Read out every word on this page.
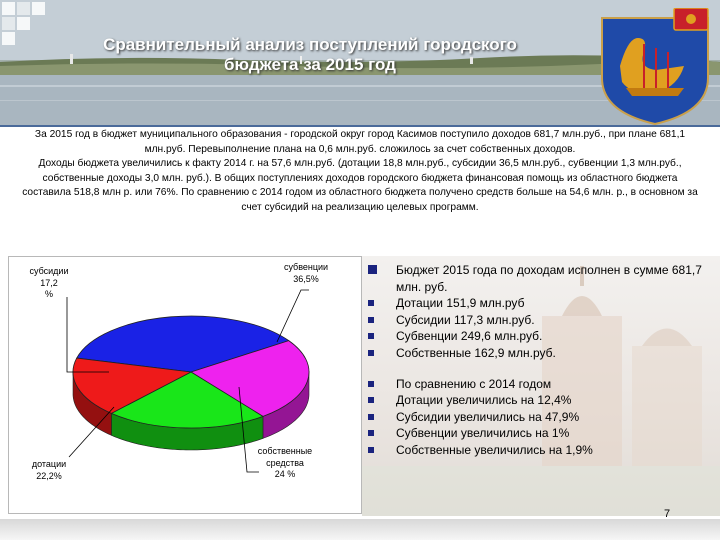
Сравнительный анализ поступлений городского
бюджета за 2015 год

За 2015 год в бюджет муниципального образования - городской округ город Касимов поступило доходов 681,7 млн.руб., при плане 681,1 млн.руб. Перевыполнение плана на 0,6 млн.руб. сложилось за счет собственных доходов.

Доходы бюджета увеличились к факту 2014 г. на 57,6 млн.руб. (дотации 18,8 млн.руб., субсидии 36,5 млн.руб., субвенции 1,3 млн.руб., собственные доходы 3,0 млн. руб.). В общих поступлениях доходов городского бюджета финансовая помощь из областного бюджета составила 518,8 млн р. или 76%. По сравнению с 2014 годом из областного бюджета получено средств больше на 54,6 млн. р., в основном за счет субсидий на реализацию целевых программ.

субсидии
17,2
%
субвенции
36,5%
собственные
средства
24 %
дотации
22,2%
Бюджет 2015 года по доходам исполнен в сумме 681,7 млн. руб.
Дотации 151,9 млн.руб
Субсидии 117,3 млн.руб.
Субвенции 249,6 млн.руб.
Собственные 162,9 млн.руб.
По сравнению с 2014 годом
Дотации увеличились на 12,4%
Субсидии увеличились на 47,9%
Субвенции увеличились на 1%
Собственные увеличились на 1,9%
7
